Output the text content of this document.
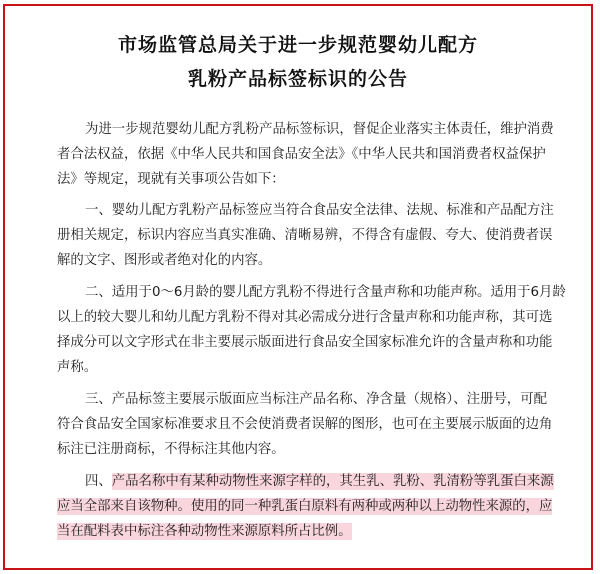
市场监管总局关于进一步规范婴幼儿配方
乳粉产品标签标识的公告
为进一步规范婴幼儿配方乳粉产品标签标识，督促企业落实主体责任，维护消费
者合法权益，依据《中华人民共和国食品安全法》《中华人民共和国消费者权益保护
法》等规定，现就有关事项公告如下：
一、婴幼儿配方乳粉产品标签应当符合食品安全法律、法规、标准和产品配方注
册相关规定，标识内容应当真实准确、清晰易辨，不得含有虚假、夸大、使消费者误
解的文字、图形或者绝对化的内容。
二、适用于0～6月龄的婴儿配方乳粉不得进行含量声称和功能声称。适用于6月龄
以上的较大婴儿和幼儿配方乳粉不得对其必需成分进行含量声称和功能声称，其可选
择成分可以文字形式在非主要展示版面进行食品安全国家标准允许的含量声称和功能
声称。
三、产品标签主要展示版面应当标注产品名称、净含量（规格）、注册号，可配
符合食品安全国家标准要求且不会使消费者误解的图形，也可在主要展示版面的边角
标注已注册商标，不得标注其他内容。
四、产品名称中有某种动物性来源字样的，其生乳、乳粉、乳清粉等乳蛋白来源
应当全部来自该物种。使用的同一种乳蛋白原料有两种或两种以上动物性来源的，应
当在配料表中标注各种动物性来源原料所占比例。
